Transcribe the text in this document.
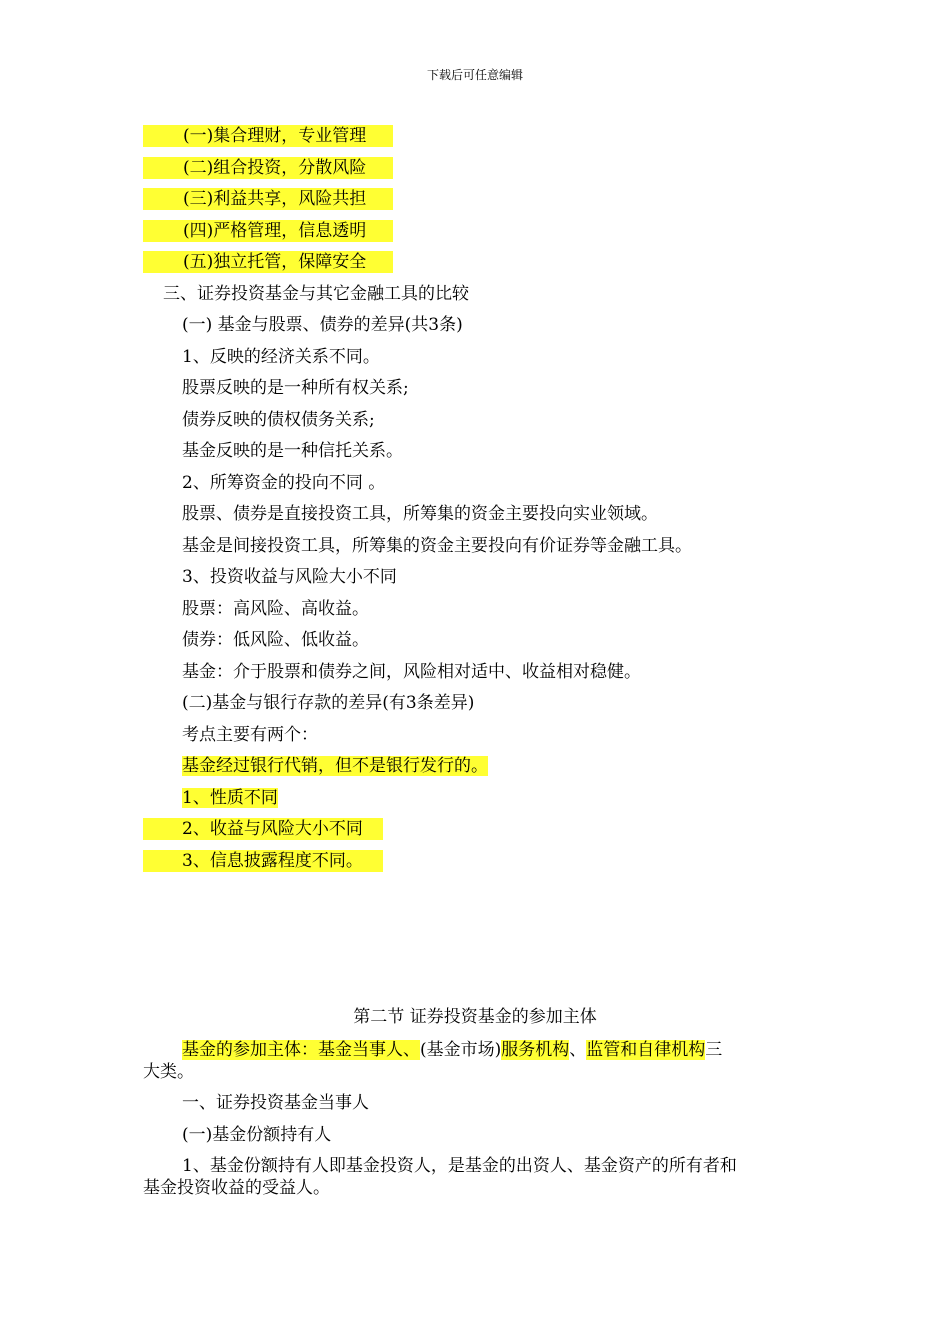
下载后可任意编辑
(一)集合理财，专业管理
(二)组合投资，分散风险
(三)利益共享，风险共担
(四)严格管理，信息透明
(五)独立托管，保障安全
三、证券投资基金与其它金融工具的比较
(一) 基金与股票、债券的差异(共3条)
1、反映的经济关系不同。
股票反映的是一种所有权关系;
债券反映的债权债务关系;
基金反映的是一种信托关系。
2、所筹资金的投向不同 。
股票、债券是直接投资工具，所筹集的资金主要投向实业领域。
基金是间接投资工具，所筹集的资金主要投向有价证券等金融工具。
3、投资收益与风险大小不同
股票：高风险、高收益。
债券：低风险、低收益。
基金：介于股票和债券之间，风险相对适中、收益相对稳健。
(二)基金与银行存款的差异(有3条差异)
考点主要有两个：
基金经过银行代销，但不是银行发行的。
1、性质不同
2、收益与风险大小不同
3、信息披露程度不同。
第二节 证券投资基金的参加主体
基金的参加主体：基金当事人、(基金市场)服务机构、监管和自律机构三
大类。
一、证券投资基金当事人
(一)基金份额持有人
1、基金份额持有人即基金投资人，是基金的出资人、基金资产的所有者和
基金投资收益的受益人。
